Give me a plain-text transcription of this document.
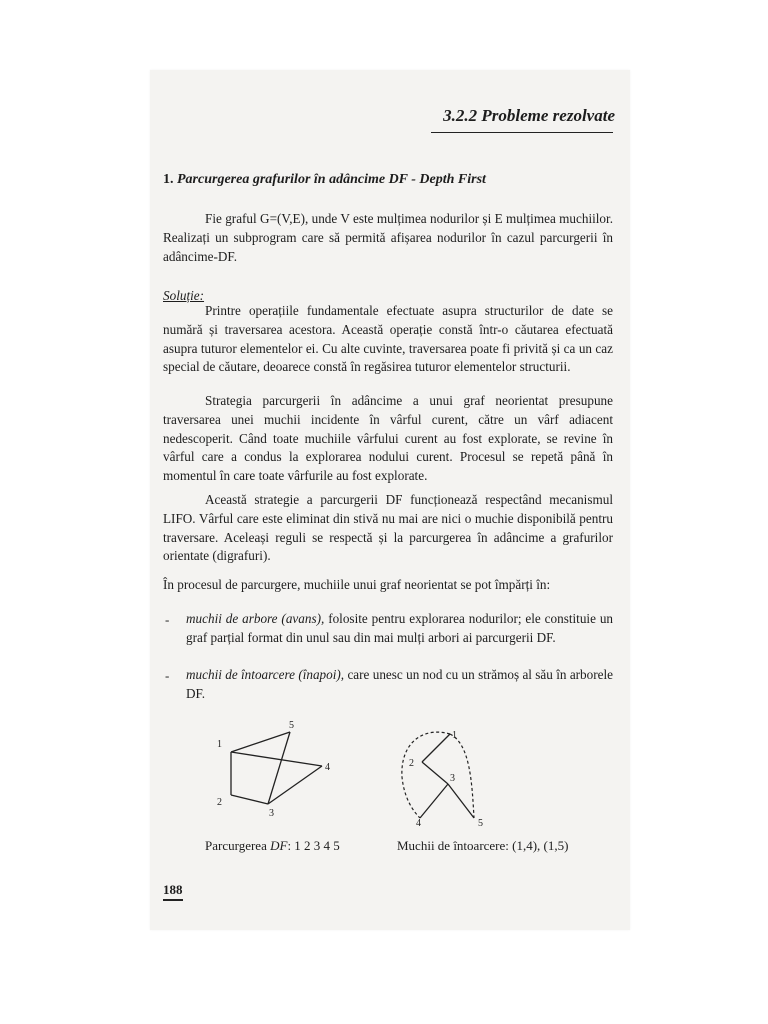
3.2.2 Probleme rezolvate
1. Parcurgerea grafurilor în adâncime DF - Depth First
Fie graful G=(V,E), unde V este mulțimea nodurilor și E mulțimea muchiilor. Realizați un subprogram care să permită afișarea nodurilor în cazul parcurgerii în adâncime-DF.
Soluție:
Printre operațiile fundamentale efectuate asupra structurilor de date se numără și traversarea acestora. Această operație constă într-o căutarea efectuată asupra tuturor elementelor ei. Cu alte cuvinte, traversarea poate fi privită și ca un caz special de căutare, deoarece constă în regăsirea tuturor elementelor structurii.
Strategia parcurgerii în adâncime a unui graf neorientat presupune traversarea unei muchii incidente în vârful curent, către un vârf adiacent nedescoperit. Când toate muchiile vârfului curent au fost explorate, se revine în vârful care a condus la explorarea nodului curent. Procesul se repetă până în momentul în care toate vârfurile au fost explorate.
Această strategie a parcurgerii DF funcționează respectând mecanismul LIFO. Vârful care este eliminat din stivă nu mai are nici o muchie disponibilă pentru traversare. Aceleași reguli se respectă și la parcurgerea în adâncime a grafurilor orientate (digrafuri).
În procesul de parcurgere, muchiile unui graf neorientat se pot împărți în:
- muchii de arbore (avans), folosite pentru explorarea nodurilor; ele constituie un graf parțial format din unul sau din mai mulți arbori ai parcurgerii DF.
- muchii de întoarcere (înapoi), care unesc un nod cu un strămoș al său în arborele DF.
1
2
3
4
5
1
2
3
4	5
Parcurgerea DF: 1 2 3 4 5	Muchii de întoarcere: (1,4), (1,5)
188
